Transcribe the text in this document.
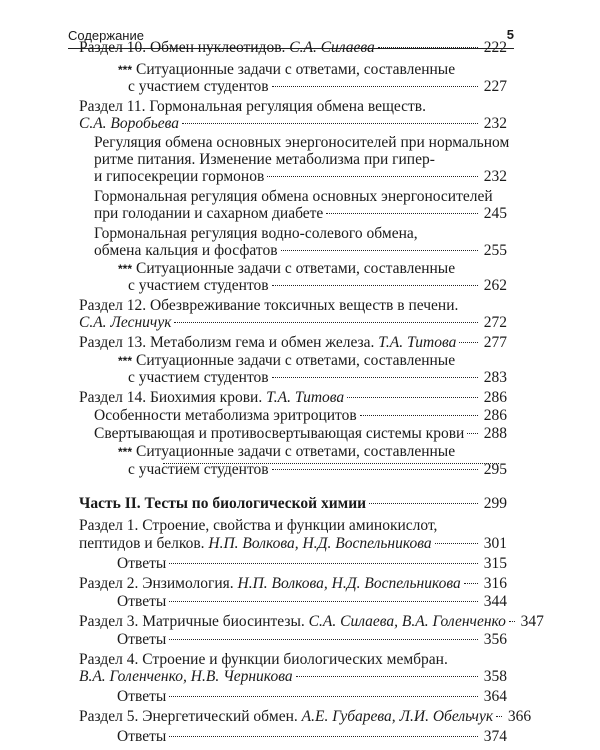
Содержание	5
Раздел 10. Обмен нуклеотидов. С.А. Силаева	222
*** Ситуационные задачи с ответами, составленные
с участием студентов	227
Раздел 11. Гормональная регуляция обмена веществ.
С.А. Воробьева	232
Регуляция обмена основных энергоносителей при нормальном
ритме питания. Изменение метаболизма при гипер-
и гипосекреции гормонов	232
Гормональная регуляция обмена основных энергоносителей
при голодании и сахарном диабете	245
Гормональная регуляция водно-солевого обмена,
обмена кальция и фосфатов	255
*** Ситуационные задачи с ответами, составленные
с участием студентов	262
Раздел 12. Обезвреживание токсичных веществ в печени.
С.А. Лесничук	272
Раздел 13. Метаболизм гема и обмен железа. Т.А. Титова 277
*** Ситуационные задачи с ответами, составленные
с участием студентов	283
Раздел 14. Биохимия крови. Т.А. Титова	286
Особенности метаболизма эритроцитов	286
Свертывающая и противосвертывающая системы крови 288
*** Ситуационные задачи с ответами, составленные
с участием студентов	295
Часть II. Тесты по биологической химии	299
Раздел 1. Строение, свойства и функции аминокислот,
пептидов и белков. Н.П. Волкова, Н.Д. Воспельникова	301
Ответы	315
Раздел 2. Энзимология. Н.П. Волкова, Н.Д. Воспельникова 316
Ответы	344
Раздел 3. Матричные биосинтезы. С.А. Силаева, В.А. Голенченко 347
Ответы	356
Раздел 4. Строение и функции биологических мембран.
В.А. Голенченко, Н.В. Черникова	358
Ответы	364
Раздел 5. Энергетический обмен. А.Е. Губарева, Л.И. Обельчук 366
Ответы	374
